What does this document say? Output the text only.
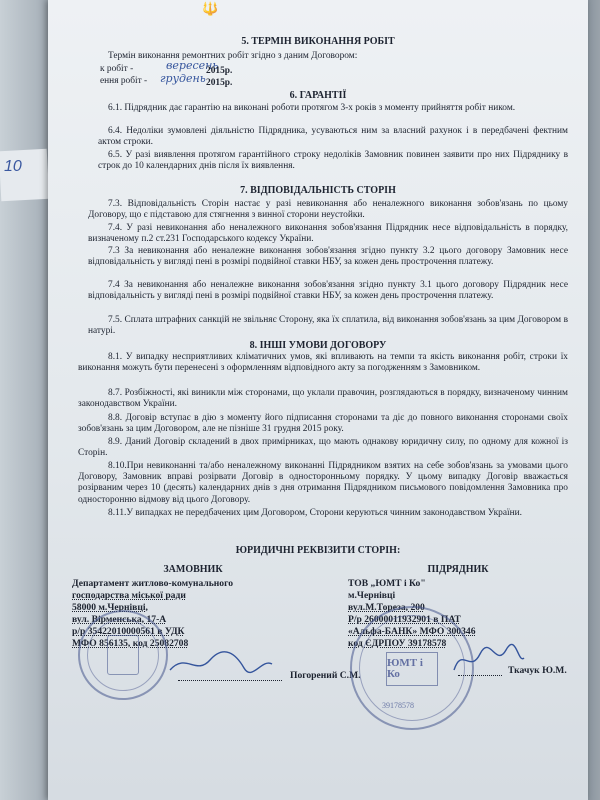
10
🔱
5. ТЕРМІН ВИКОНАННЯ РОБІТ
Термін виконання ремонтних робіт згідно з даним Договором:
к робіт -	вересень
2015р.
ення робіт - грудень 2015р.
6. ГАРАНТІЇ
6.1. Підрядник дає гарантію на виконані роботи протягом 3-х років з моменту прийняття робіт ником.
6.4. Недоліки зумовлені діяльністю Підрядника, усуваються ним за власний рахунок і в передбачені фектним актом строки.
6.5. У разі виявлення протягом гарантійного строку недоліків Замовник повинен заявити про них Підряднику в строк до 10 календарних днів після їх виявлення.
7. ВІДПОВІДАЛЬНІСТЬ СТОРІН
7.3. Відповідальність Сторін настає у разі невиконання або неналежного виконання зобов'язань по цьому Договору, що є підставою для стягнення з винної сторони неустойки.
7.4. У разі невиконання або неналежного виконання зобов'язання Підрядник несе відповідальність в порядку, визначеному п.2 ст.231 Господарського кодексу України.
7.3 За невиконання або неналежне виконання зобов'язання згідно пункту 3.2 цього договору Замовник несе відповідальність у вигляді пені в розмірі подвійної ставки НБУ, за кожен день прострочення платежу.
7.4 За невиконання або неналежне виконання зобов'язання згідно пункту 3.1 цього договору Підрядник несе відповідальність у вигляді пені в розмірі подвійної ставки НБУ, за кожен день прострочення платежу.
7.5. Сплата штрафних санкцій не звільняє Сторону, яка їх сплатила, від виконання зобов'язань за цим Договором в натурі.
8. ІНШІ УМОВИ ДОГОВОРУ
8.1. У випадку несприятливих кліматичних умов, які впливають на темпи та якість виконання робіт, строки їх виконання можуть бути перенесені з оформленням відповідного акту за погодженням з Замовником.
8.7. Розбіжності, які виникли між сторонами, що уклали правочин, розглядаються в порядку, визначеному чинним законодавством України.
8.8. Договір вступає в дію з моменту його підписання сторонами та діє до повного виконання сторонами своїх зобов'язань за цим Договором, але не пізніше 31 грудня 2015 року.
8.9. Даний Договір складений в двох примірниках, що мають однакову юридичну силу, по одному для кожної із Сторін.
8.10.При невиконанні та/або неналежному виконанні Підрядником взятих на себе зобов'язань за умовами цього Договору, Замовник вправі розірвати Договір в односторонньому порядку. У цьому випадку Договір вважається розірваним через 10 (десять) календарних днів з дня отримання Підрядником письмового повідомлення Замовника про односторонню відмову від цього Договору.
8.11.У випадках не передбачених цим Договором, Сторони керуються чинним законодавством України.
ЮРИДИЧНІ РЕКВІЗИТИ СТОРІН:
ЗАМОВНИК
Департамент житлово-комунального
господарства міської ради
58000 м.Чернівці,
вул. Вірменська, 17-А
р/р 35422010000561 в УДК
МФО 856135, код 25082708
Погорений С.М.
ПІДРЯДНИК
ТОВ „ЮМТ і Ко"
м.Чернівці
вул.М.Тореза, 200
Р/р 26000011932901 в ПАТ
«Альфа-БАНК» МФО 300346
код ЄДРПОУ 39178578
ЮМТ і Ко
39178578
Ткачук Ю.М.
